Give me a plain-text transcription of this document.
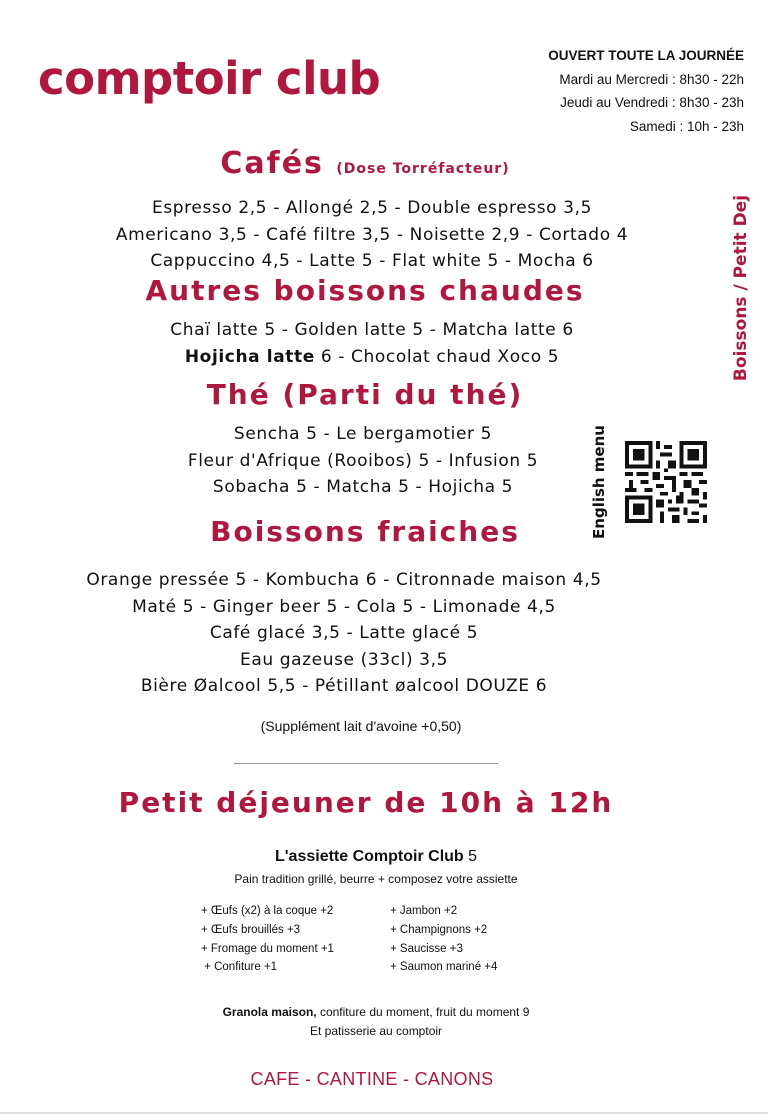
comptoir club	OUVERT TOUTE LA JOURNÉE
Mardi au Mercredi : 8h30 - 22h
Jeudi au Vendredi : 8h30 - 23h
Samedi : 10h - 23h
Boissons / Petit Dej
Cafés (Dose Torréfacteur)
Espresso 2,5 - Allongé 2,5 - Double espresso 3,5
Americano 3,5 - Café filtre 3,5 - Noisette 2,9 - Cortado 4
Cappuccino 4,5 - Latte 5 - Flat white 5 - Mocha 6
Autres boissons chaudes
Chaï latte 5 - Golden latte 5 - Matcha latte 6
Hojicha latte 6 - Chocolat chaud Xoco 5
Thé (Parti du thé)
Sencha 5 - Le bergamotier 5
Fleur d'Afrique (Rooibos) 5 - Infusion 5
Sobacha 5 - Matcha 5 - Hojicha 5	English menu
Boissons fraiches
Orange pressée 5 - Kombucha 6 - Citronnade maison 4,5
Maté 5 - Ginger beer 5 - Cola 5 - Limonade 4,5
Café glacé 3,5 - Latte glacé 5
Eau gazeuse (33cl) 3,5
Bière Øalcool 5,5 - Pétillant øalcool DOUZE 6
(Supplément lait d'avoine +0,50)
Petit déjeuner de 10h à 12h
L'assiette Comptoir Club 5
Pain tradition grillé, beurre + composez votre assiette
+ Œufs (x2) à la coque +2
+ Œufs brouillés +3
+ Fromage du moment +1
+ Confiture +1
+ Jambon +2
+ Champignons +2
+ Saucisse +3
+ Saumon mariné +4
Granola maison, confiture du moment, fruit du moment 9
Et patisserie au comptoir
CAFE - CANTINE - CANONS
